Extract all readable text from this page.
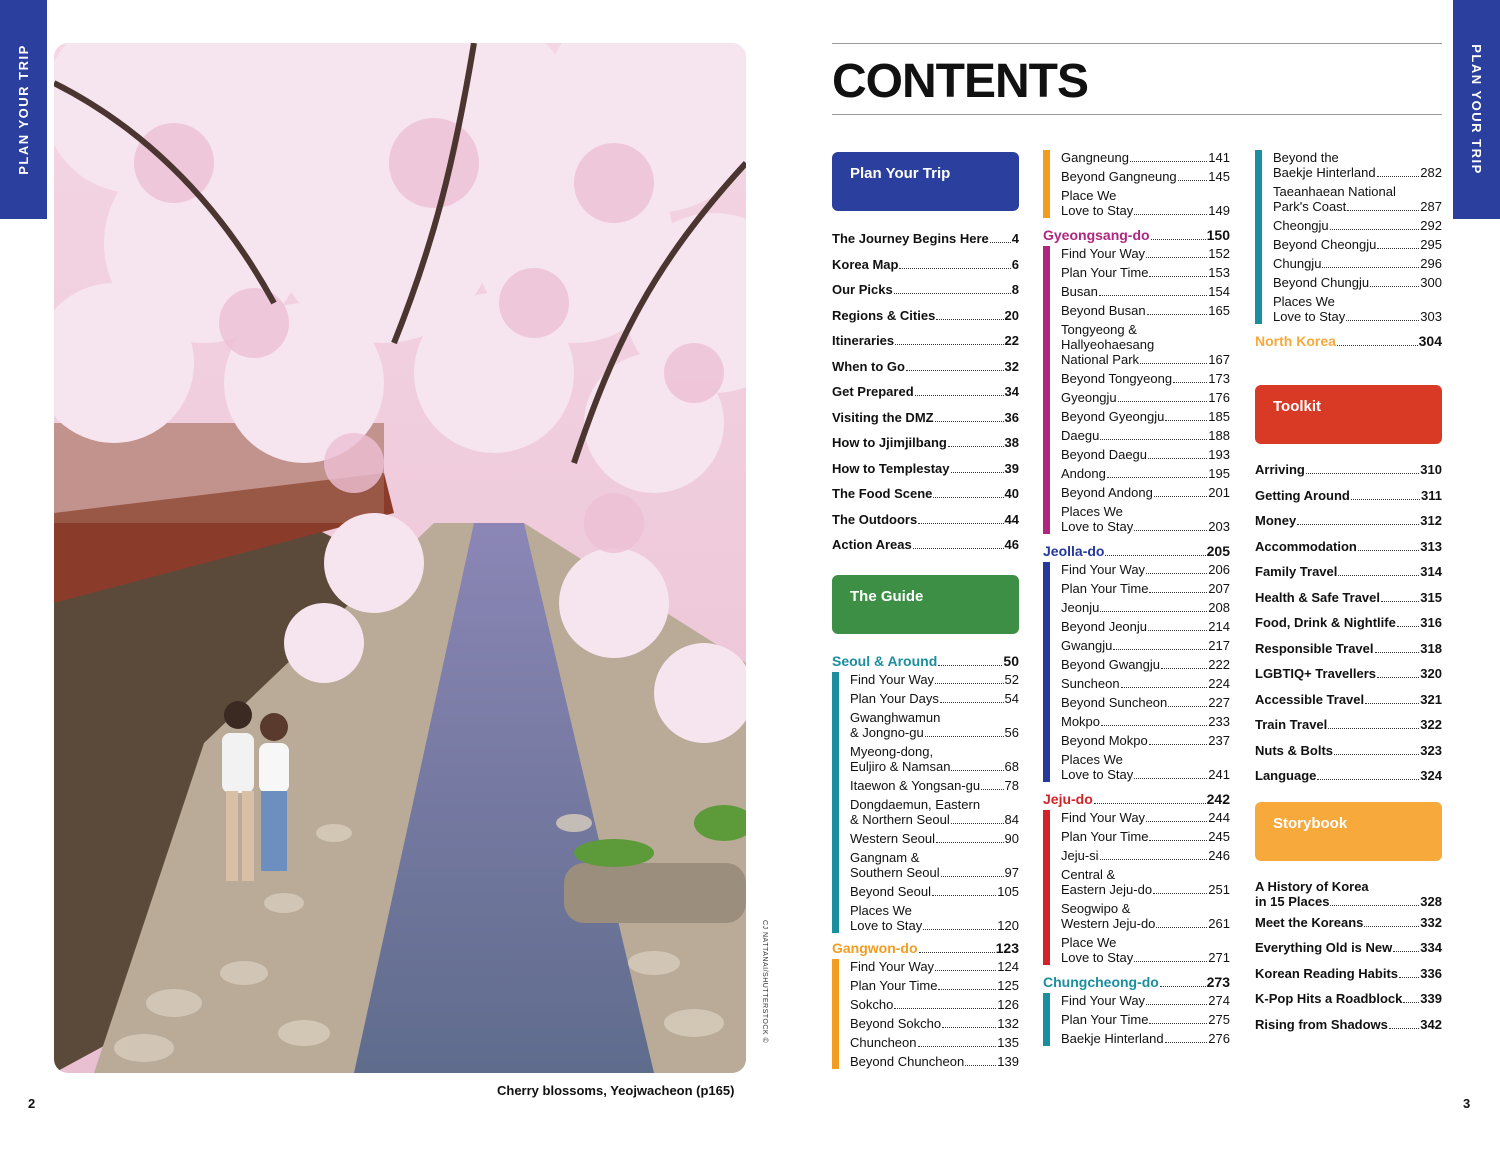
PLAN YOUR TRIP	PLAN YOUR TRIP
CJ NATTANAI/SHUTTERSTOCK ©
Cherry blossoms, Yeojwacheon (p165)
2	3
CONTENTS
Plan Your Trip
The Journey Begins Here 4
Korea Map	6
Our Picks	8
Regions & Cities	20
Itineraries	22
When to Go	32
Get Prepared	34
Visiting the DMZ	36
How to Jjimjilbang	38
How to Templestay	39
The Food Scene	40
The Outdoors	44
Action Areas	46
The Guide
Seoul & Around	50
Find Your Way	52
Plan Your Days	54
Gwanghwamun
& Jongno-gu	56
Myeong-dong,
Euljiro & Namsan	68
Itaewon & Yongsan-gu 78
Dongdaemun, Eastern
& Northern Seoul	84
Western Seoul	90
Gangnam &
Southern Seoul	97
Beyond Seoul	105
Places We
Love to Stay	120
Gangwon-do	123
Find Your Way	124
Plan Your Time	125
Sokcho	126
Beyond Sokcho	132
Chuncheon	135
Beyond Chuncheon	139
Gangneung	141
Beyond Gangneung 145
Place We
Love to Stay	149
Gyeongsang-do	150
Find Your Way	152
Plan Your Time	153
Busan	154
Beyond Busan	165
Tongyeong &
Hallyeohaesang
National Park	167
Beyond Tongyeong	173
Gyeongju	176
Beyond Gyeongju	185
Daegu	188
Beyond Daegu	193
Andong	195
Beyond Andong	201
Places We
Love to Stay	203
Jeolla-do	205
Find Your Way	206
Plan Your Time	207
Jeonju	208
Beyond Jeonju	214
Gwangju	217
Beyond Gwangju	222
Suncheon	224
Beyond Suncheon	227
Mokpo	233
Beyond Mokpo	237
Places We
Love to Stay	241
Jeju-do	242
Find Your Way	244
Plan Your Time	245
Jeju-si	246
Central &
Eastern Jeju-do	251
Seogwipo &
Western Jeju-do	261
Place We
Love to Stay	271
Chungcheong-do	273
Find Your Way	274
Plan Your Time	275
Baekje Hinterland	276
Beyond the
Baekje Hinterland	282
Taeanhaean National
Park's Coast	287
Cheongju	292
Beyond Cheongju	295
Chungju	296
Beyond Chungju	300
Places We
Love to Stay	303
North Korea	304
Toolkit
Arriving	310
Getting Around	311
Money	312
Accommodation	313
Family Travel	314
Health & Safe Travel	315
Food, Drink & Nightlife 316
Responsible Travel	318
LGBTIQ+ Travellers	320
Accessible Travel	321
Train Travel	322
Nuts & Bolts	323
Language	324
Storybook
A History of Korea
in 15 Places	328
Meet the Koreans	332
Everything Old is New 334
Korean Reading Habits 336
K-Pop Hits a Roadblock 339
Rising from Shadows 342
